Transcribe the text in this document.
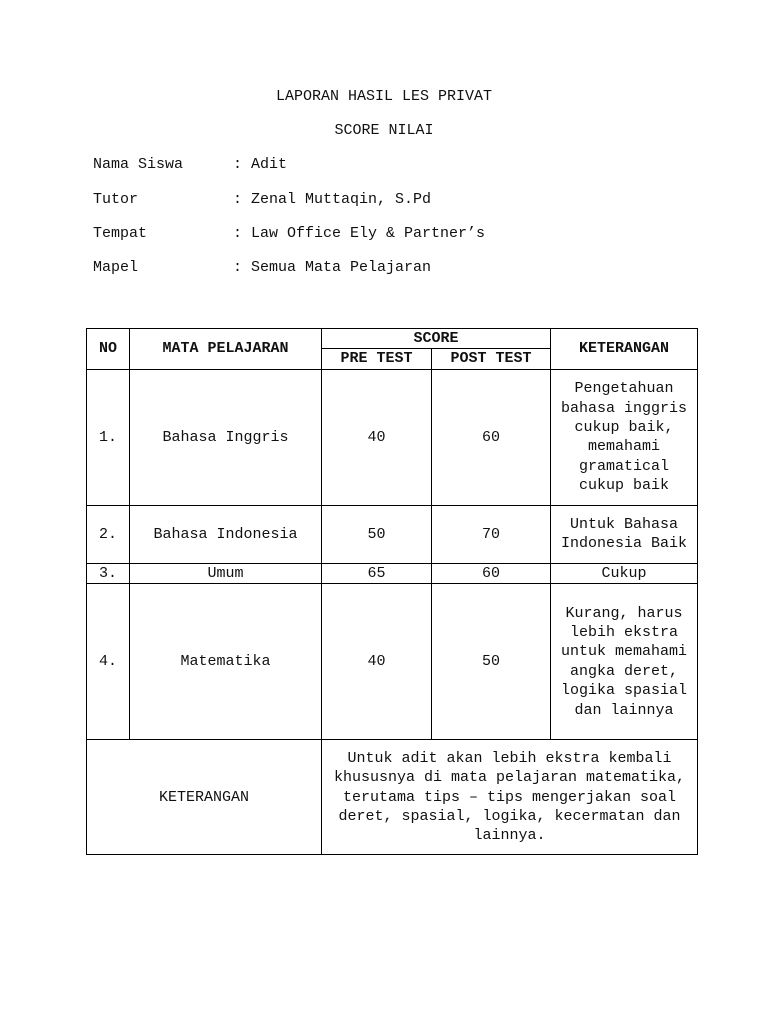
LAPORAN HASIL LES PRIVAT
SCORE NILAI
Nama Siswa	: Adit
Tutor	: Zenal Muttaqin, S.Pd
Tempat	: Law Office Ely & Partner’s
Mapel	: Semua Mata Pelajaran
NO	MATA PELAJARAN	SCORE		KETERANGAN
		PRE TEST	POST TEST	
1.	Bahasa Inggris	40	60	Pengetahuan bahasa inggris cukup baik, memahami gramatical cukup baik
2.	Bahasa Indonesia	50	70	Untuk Bahasa Indonesia Baik
3.	Umum	65	60	Cukup
4.	Matematika	40	50	Kurang, harus lebih ekstra untuk memahami angka deret, logika spasial dan lainnya
KETERANGAN		Untuk adit akan lebih ekstra kembali khususnya di mata pelajaran matematika, terutama tips – tips mengerjakan soal deret, spasial, logika, kecermatan dan lainnya.		
